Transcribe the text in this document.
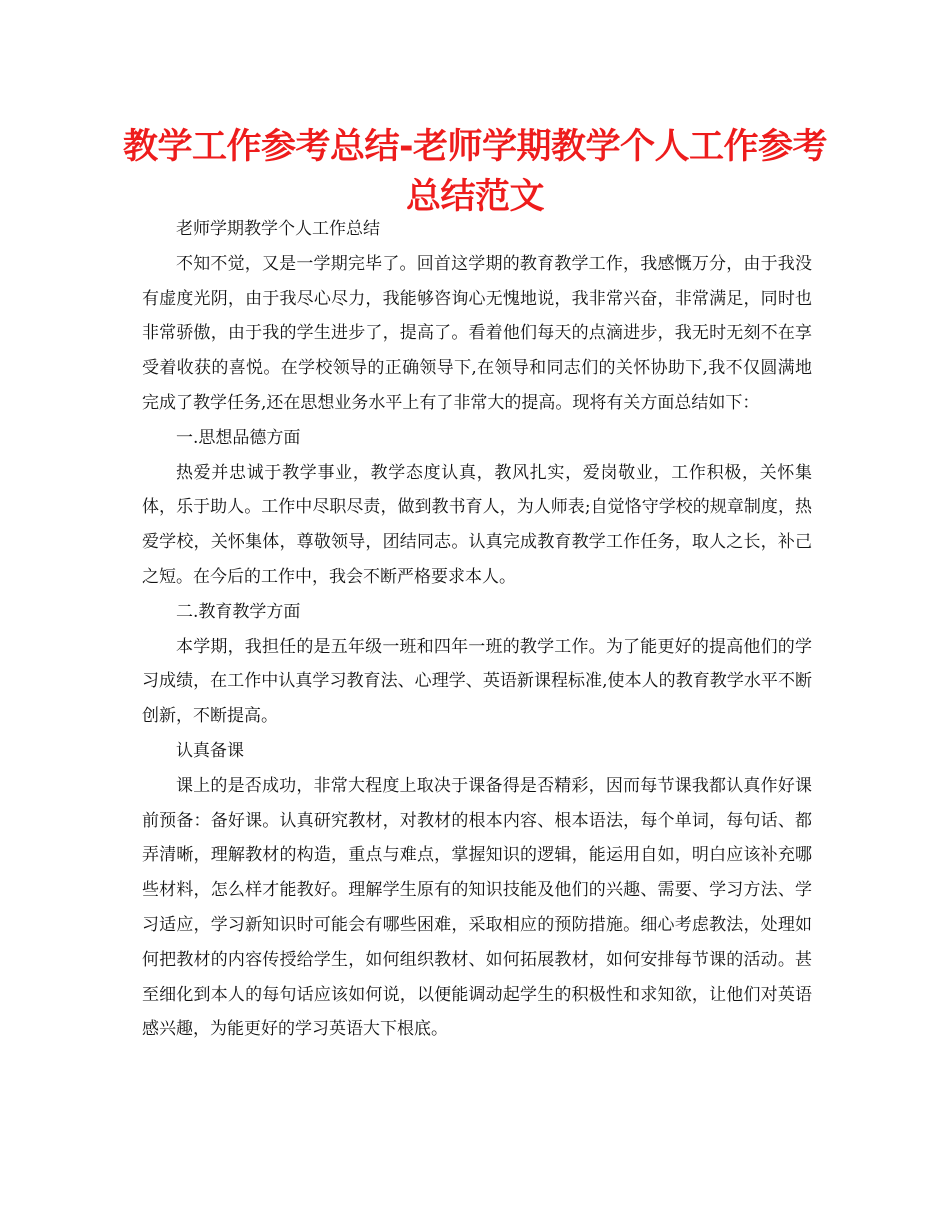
教学工作参考总结-老师学期教学个人工作参考总结范文

老师学期教学个人工作总结

不知不觉，又是一学期完毕了。回首这学期的教育教学工作，我感慨万分，由于我没有虚度光阴，由于我尽心尽力，我能够咨询心无愧地说，我非常兴奋，非常满足，同时也非常骄傲，由于我的学生进步了，提高了。看着他们每天的点滴进步，我无时无刻不在享受着收获的喜悦。在学校领导的正确领导下,在领导和同志们的关怀协助下,我不仅圆满地完成了教学任务,还在思想业务水平上有了非常大的提高。现将有关方面总结如下：

一.思想品德方面

热爱并忠诚于教学事业，教学态度认真，教风扎实，爱岗敬业，工作积极，关怀集体，乐于助人。工作中尽职尽责，做到教书育人，为人师表;自觉恪守学校的规章制度，热爱学校，关怀集体，尊敬领导，团结同志。认真完成教育教学工作任务，取人之长，补己之短。在今后的工作中，我会不断严格要求本人。

二.教育教学方面

本学期，我担任的是五年级一班和四年一班的教学工作。为了能更好的提高他们的学习成绩，在工作中认真学习教育法、心理学、英语新课程标准,使本人的教育教学水平不断创新，不断提高。

认真备课

课上的是否成功，非常大程度上取决于课备得是否精彩，因而每节课我都认真作好课前预备：备好课。认真研究教材，对教材的根本内容、根本语法，每个单词，每句话、都弄清晰，理解教材的构造，重点与难点，掌握知识的逻辑，能运用自如，明白应该补充哪些材料，怎么样才能教好。理解学生原有的知识技能及他们的兴趣、需要、学习方法、学习适应，学习新知识时可能会有哪些困难，采取相应的预防措施。细心考虑教法，处理如何把教材的内容传授给学生，如何组织教材、如何拓展教材，如何安排每节课的活动。甚至细化到本人的每句话应该如何说，以便能调动起学生的积极性和求知欲，让他们对英语感兴趣，为能更好的学习英语大下根底。
